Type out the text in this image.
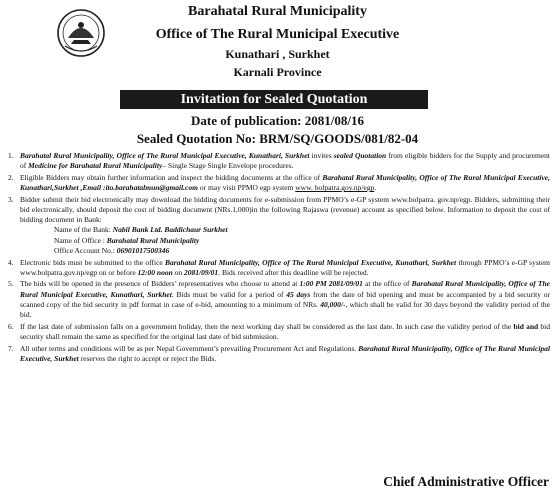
Barahatal Rural Municipality
Office of The Rural Municipal Executive
Kunathari , Surkhet
Karnali Province
Invitation for Sealed Quotation
Date of publication: 2081/08/16
Sealed Quotation No: BRM/SQ/GOODS/081/82-04
1. Barahatal Rural Municipality, Office of The Rural Municipal Executive, Kunathari, Surkhet invites sealed Quotation from eligible bidders for the Supply and procurement of Medicine for Barahatal Rural Municipality– Single Stage Single Envelope procedures.
2. Eligible Bidders may obtain further information and inspect the bidding documents at the office of Barahatal Rural Municipality, Office of The Rural Municipal Executive, Kunathari,Surkhet ,Email :ito.barahatalmun@gmail.com or may visit PPMO egp system www. bolpatra.gov.np/egp.
3. Bidder submit their bid electronically may download the bidding documents for e-submission from PPMO’s e-GP system www.bolpatra. gov.np/egp. Bidders, submitting their bid electronically, should deposit the cost of bidding document (NRs.1,000)in the following Rajaswa (revenue) account as specified below. Information to deposit the cost of bidding document in Bank:
Name of the Bank: Nabil Bank Ltd. Baddichaur Surkhet
Name of Office : Barahatal Rural Municipality
Office Account No.: 06901017500346
4. Electronic bids must be submitted to the office Barahatal Rural Municipality, Office of The Rural Municipal Executive, Kunathari, Surkhet through PPMO’s e-GP system www.bolpatra.gov.np/egp on or before 12:00 noon on 2081/09/01. Bids received after this deadline will be rejected.
5. The bids will be opened in the presence of Bidders’ representatives who choose to attend at 1:00 PM 2081/09/01 at the office of Barahatal Rural Municipality, Office of The Rural Municipal Executive, Kunathari, Surkhet. Bids must be valid for a period of 45 days from the date of bid opening and must be accompanied by a bid security or scanned copy of the bid security in pdf format in case of e-bid, amounting to a minimum of NRs. 40,000/-, which shall be valid for 30 days beyond the validity period of the bid.
6. If the last date of submission falls on a government holiday, then the next working day shall be considered as the last date. In such case the validity period of the bid and bid security shall remain the same as specified for the original last date of bid submission.
7. All other terms and conditions will be as per Nepal Government’s prevailing Procurement Act and Regulations. Barahatal Rural Municipality, Office of The Rural Municipal Executive, Surkhet reserves the right to accept or reject the Bids.
Chief Administrative Officer
